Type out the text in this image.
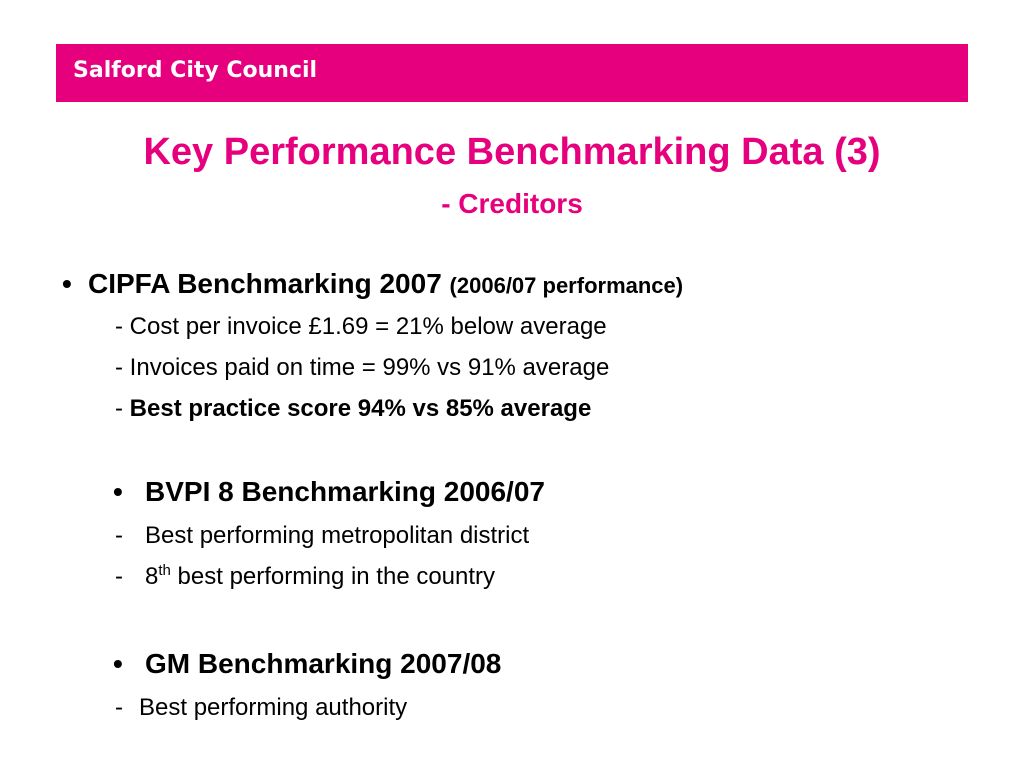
Salford City Council
Key Performance Benchmarking Data (3)
- Creditors
• CIPFA Benchmarking 2007 (2006/07 performance)
- Cost per invoice £1.69 = 21% below average
- Invoices paid on time = 99% vs 91% average
- Best practice score 94% vs 85% average
• BVPI 8 Benchmarking 2006/07
- Best performing metropolitan district
- 8th best performing in the country
• GM Benchmarking 2007/08
- Best performing authority
